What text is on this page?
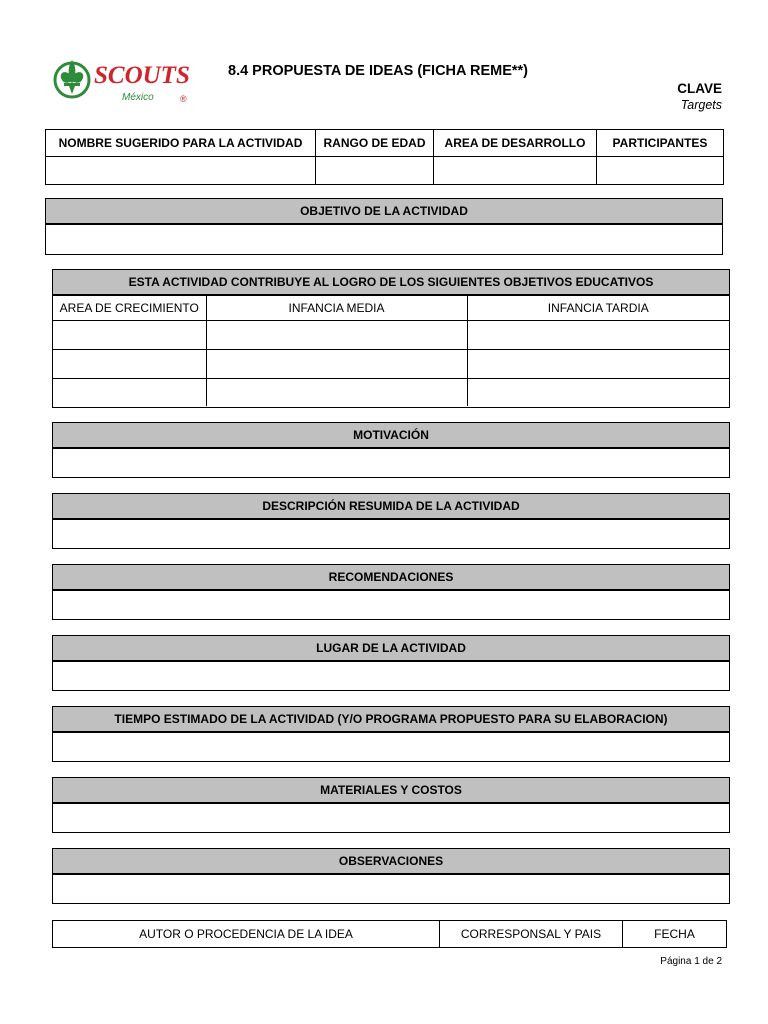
SCOUTS
México	®
8.4 PROPUESTA DE IDEAS (FICHA REME**)
CLAVE
Targets
NOMBRE SUGERIDO PARA LA ACTIVIDAD	RANGO DE EDAD	AREA DE DESARROLLO	PARTICIPANTES

OBJETIVO DE LA ACTIVIDAD
ESTA ACTIVIDAD CONTRIBUYE AL LOGRO DE LOS SIGUIENTES OBJETIVOS EDUCATIVOS
AREA DE CRECIMIENTO	INFANCIA MEDIA	INFANCIA TARDIA

MOTIVACIÓN
DESCRIPCIÓN RESUMIDA DE LA ACTIVIDAD
RECOMENDACIONES
LUGAR DE LA ACTIVIDAD
TIEMPO ESTIMADO DE LA ACTIVIDAD (Y/O PROGRAMA PROPUESTO PARA SU ELABORACION)
MATERIALES Y COSTOS
OBSERVACIONES
AUTOR O PROCEDENCIA DE LA IDEA	CORRESPONSAL Y PAIS	FECHA
Página 1 de 2
